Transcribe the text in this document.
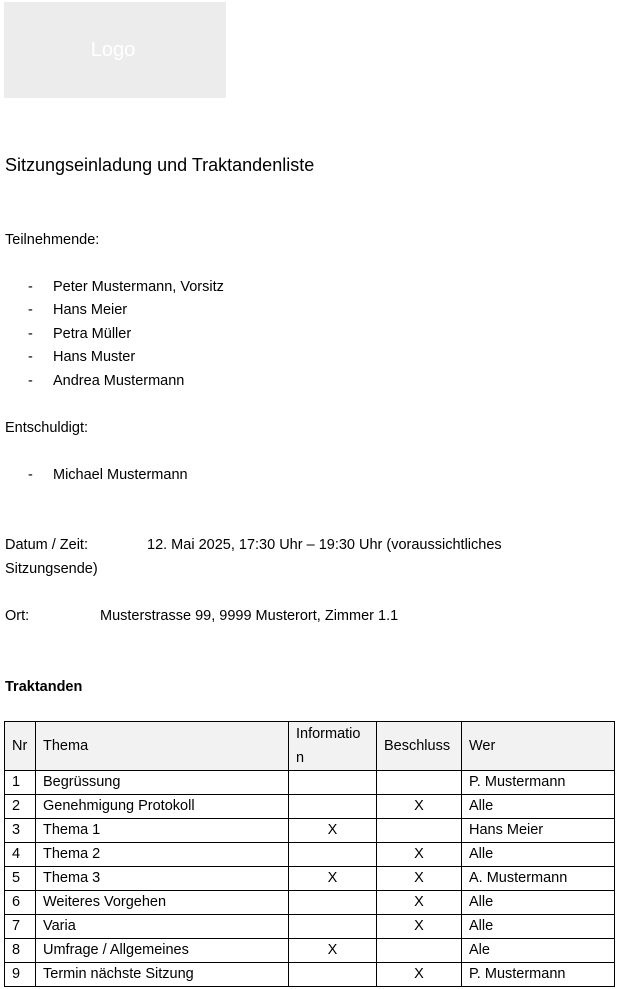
Logo
Sitzungseinladung und Traktandenliste
Teilnehmende:
- Peter Mustermann, Vorsitz
- Hans Meier
- Petra Müller
- Hans Muster
- Andrea Mustermann
Entschuldigt:
- Michael Mustermann
Datum / Zeit:	12. Mai 2025, 17:30 Uhr – 19:30 Uhr (voraussichtliches
Sitzungsende)
Ort:	Musterstrasse 99, 9999 Musterort, Zimmer 1.1
Traktanden
Nr	Thema	Informatio n	Beschluss	Wer
1	Begrüssung			P. Mustermann
2	Genehmigung Protokoll		X	Alle
3	Thema 1	X		Hans Meier
4	Thema 2		X	Alle
5	Thema 3	X	X	A. Mustermann
6	Weiteres Vorgehen		X	Alle
7	Varia		X	Alle
8	Umfrage / Allgemeines	X		Ale
9	Termin nächste Sitzung		X	P. Mustermann
